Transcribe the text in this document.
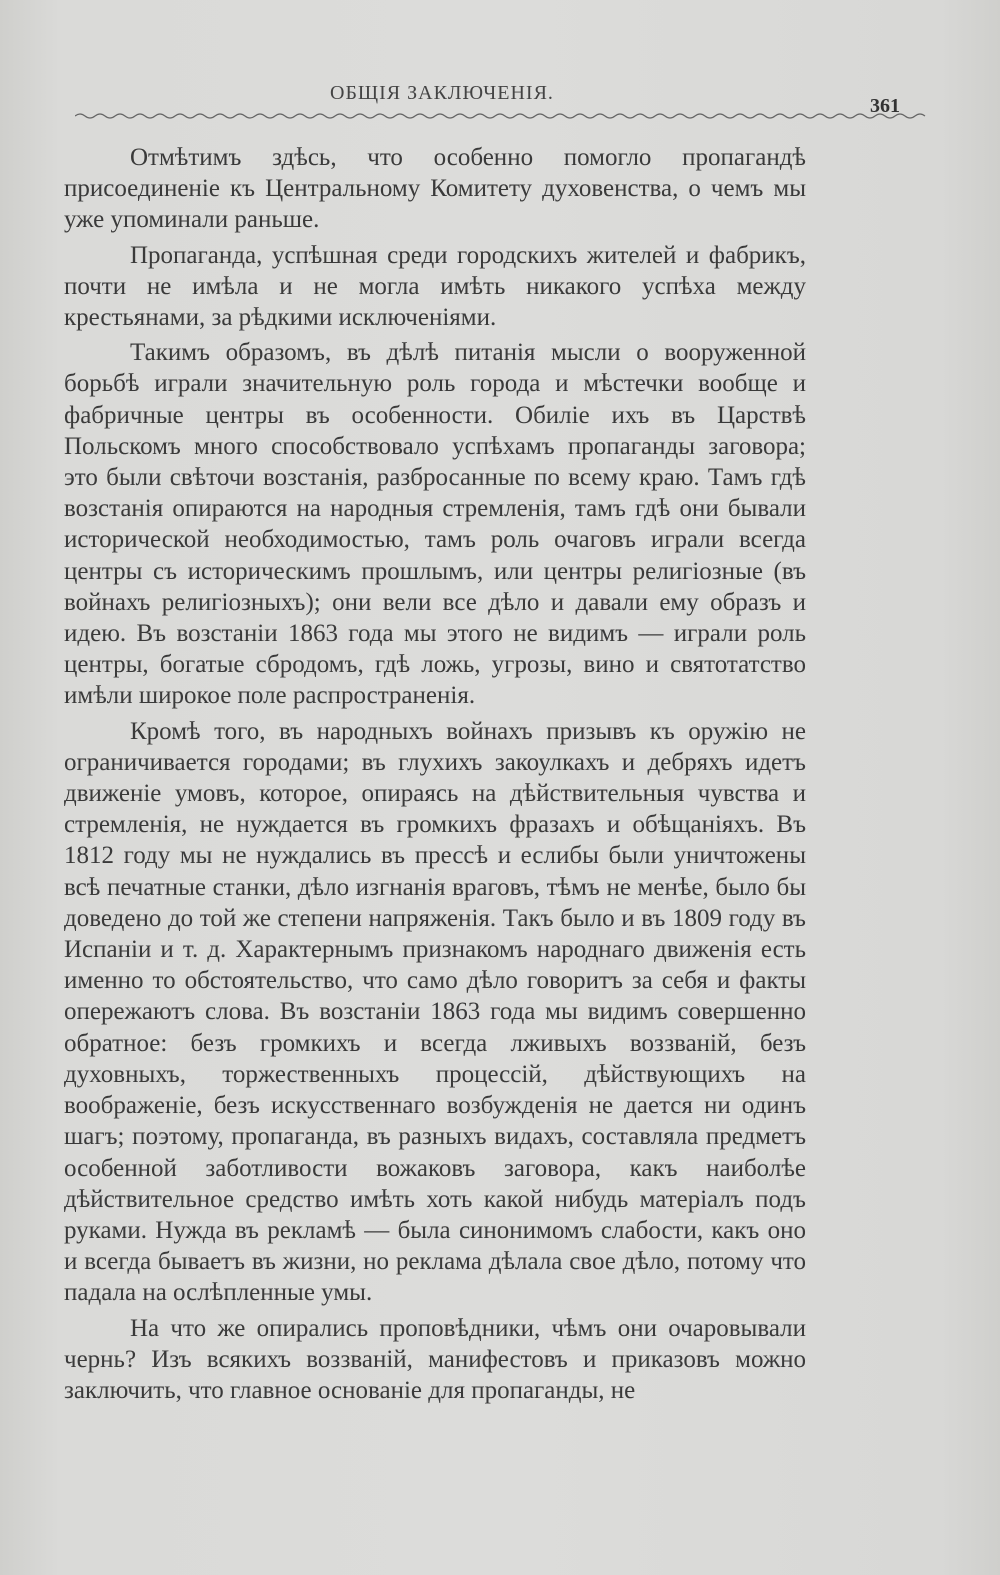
ОБЩІЯ ЗАКЛЮЧЕНІЯ.
361

Отмѣтимъ здѣсь, что особенно помогло пропагандѣ присоединеніе къ Центральному Комитету духовенства, о чемъ мы уже упоминали раньше.

Пропаганда, успѣшная среди городскихъ жителей и фабрикъ, почти не имѣла и не могла имѣть никакого успѣха между крестьянами, за рѣдкими исключеніями.

Такимъ образомъ, въ дѣлѣ питанія мысли о вооруженной борьбѣ играли значительную роль города и мѣстечки вообще и фабричные центры въ особенности. Обиліе ихъ въ Царствѣ Польскомъ много способствовало успѣхамъ пропаганды заговора; это были свѣточи возстанія, разбросанные по всему краю. Тамъ гдѣ возстанія опираются на народныя стремленія, тамъ гдѣ они бывали исторической необходимостью, тамъ роль очаговъ играли всегда центры съ историческимъ прошлымъ, или центры религіозные (въ войнахъ религіозныхъ); они вели все дѣло и давали ему образъ и идею. Въ возстаніи 1863 года мы этого не видимъ — играли роль центры, богатые сбродомъ, гдѣ ложь, угрозы, вино и святотатство имѣли широкое поле распространенія.

Кромѣ того, въ народныхъ войнахъ призывъ къ оружію не ограничивается городами; въ глухихъ закоулкахъ и дебряхъ идетъ движеніе умовъ, которое, опираясь на дѣйствительныя чувства и стремленія, не нуждается въ громкихъ фразахъ и обѣщаніяхъ. Въ 1812 году мы не нуждались въ прессѣ и еслибы были уничтожены всѣ печатные станки, дѣло изгнанія враговъ, тѣмъ не менѣе, было бы доведено до той же степени напряженія. Такъ было и въ 1809 году въ Испаніи и т. д. Характернымъ признакомъ народнаго движенія есть именно то обстоятельство, что само дѣло говоритъ за себя и факты опережаютъ слова. Въ возстаніи 1863 года мы видимъ совершенно обратное: безъ громкихъ и всегда лживыхъ воззваній, безъ духовныхъ, торжественныхъ процессій, дѣйствующихъ на воображеніе, безъ искусственнаго возбужденія не дается ни одинъ шагъ; поэтому, пропаганда, въ разныхъ видахъ, составляла предметъ особенной заботливости вожаковъ заговора, какъ наиболѣе дѣйствительное средство имѣть хоть какой нибудь матеріалъ подъ руками. Нужда въ рекламѣ — была синонимомъ слабости, какъ оно и всегда бываетъ въ жизни, но реклама дѣлала свое дѣло, потому что падала на ослѣпленные умы.

На что же опирались проповѣдники, чѣмъ они очаровывали чернь? Изъ всякихъ воззваній, манифестовъ и приказовъ можно заключить, что главное основаніе для пропаганды, не
